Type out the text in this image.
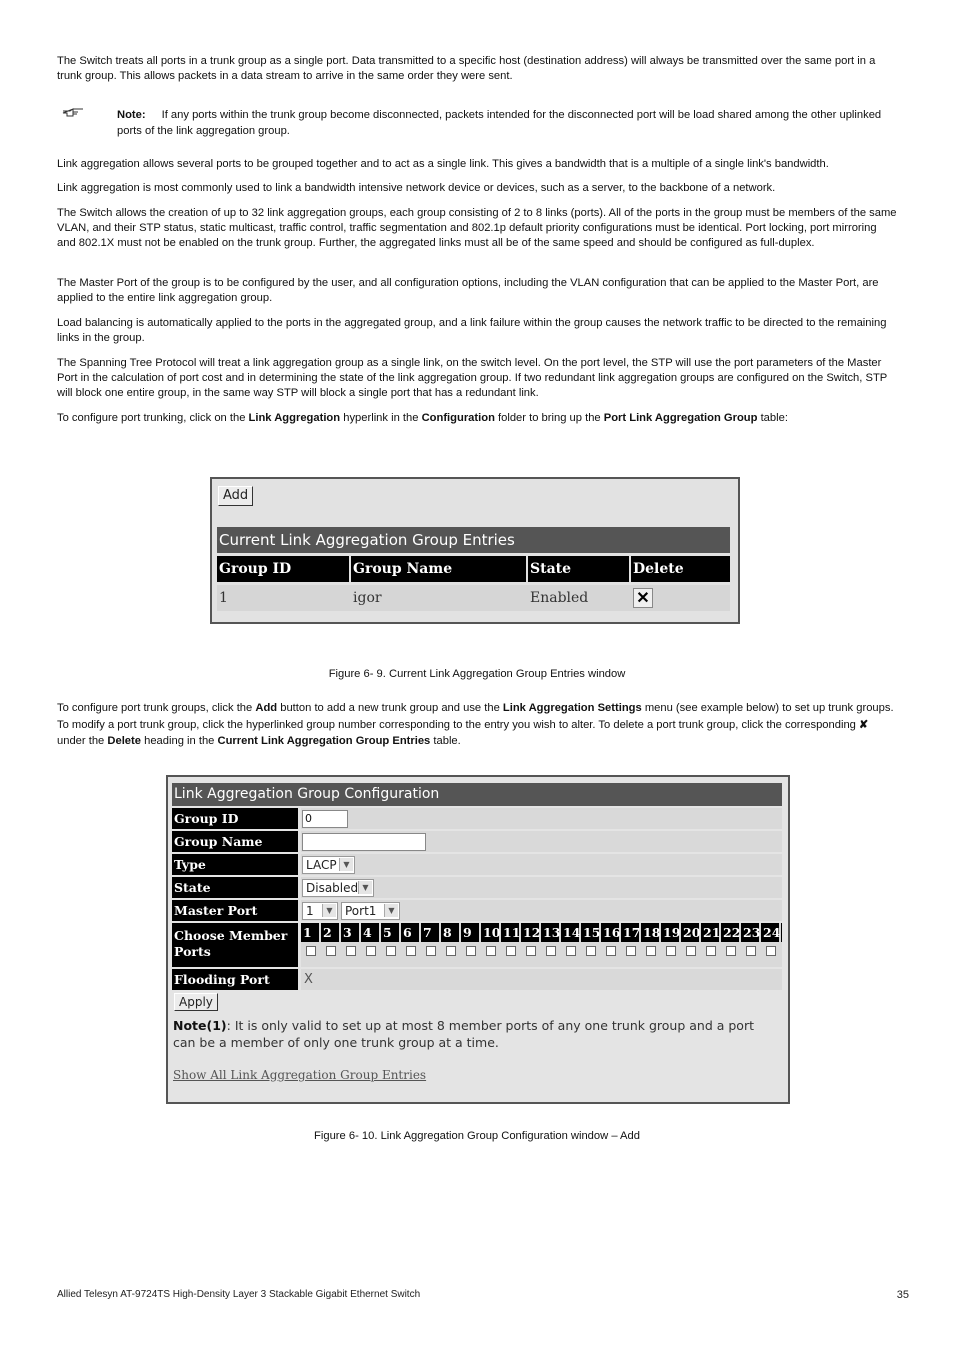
The Switch treats all ports in a trunk group as a single port. Data transmitted to a specific host (destination address) will always be transmitted over the same port in a trunk group. This allows packets in a data stream to arrive in the same order they were sent.

Note: If any ports within the trunk group become disconnected, packets intended for the disconnected port will be load shared among the other uplinked ports of the link aggregation group.

Link aggregation allows several ports to be grouped together and to act as a single link. This gives a bandwidth that is a multiple of a single link's bandwidth.

Link aggregation is most commonly used to link a bandwidth intensive network device or devices, such as a server, to the backbone of a network.

The Switch allows the creation of up to 32 link aggregation groups, each group consisting of 2 to 8 links (ports). All of the ports in the group must be members of the same VLAN, and their STP status, static multicast, traffic control, traffic segmentation and 802.1p default priority configurations must be identical. Port locking, port mirroring and 802.1X must not be enabled on the trunk group. Further, the aggregated links must all be of the same speed and should be configured as full-duplex.

The Master Port of the group is to be configured by the user, and all configuration options, including the VLAN configuration that can be applied to the Master Port, are applied to the entire link aggregation group.

Load balancing is automatically applied to the ports in the aggregated group, and a link failure within the group causes the network traffic to be directed to the remaining links in the group.

The Spanning Tree Protocol will treat a link aggregation group as a single link, on the switch level. On the port level, the STP will use the port parameters of the Master Port in the calculation of port cost and in determining the state of the link aggregation group. If two redundant link aggregation groups are configured on the Switch, STP will block one entire group, in the same way STP will block a single port that has a redundant link.

To configure port trunking, click on the Link Aggregation hyperlink in the Configuration folder to bring up the Port Link Aggregation Group table:

Add
Current Link Aggregation Group Entries
Group ID	Group Name	State	Delete
1	igor	Enabled	✕
Figure 6- 9. Current Link Aggregation Group Entries window

To configure port trunk groups, click the Add button to add a new trunk group and use the Link Aggregation Settings menu (see example below) to set up trunk groups. To modify a port trunk group, click the hyperlinked group number corresponding to the entry you wish to alter. To delete a port trunk group, click the corresponding ✘ under the Delete heading in the Current Link Aggregation Group Entries table.

Link Aggregation Group Configuration
Group ID	0
Group Name
Type	LACP ▼
State	Disabled ▼
Master Port	1	▼	Port1	▼
Choose Member Ports
1 2 3 4 5 6 7 8 9 10 11 12 13 14 15 16 17 18 19 20 21 22 23 24
Flooding Port	X
Apply
Note(1): It is only valid to set up at most 8 member ports of any one trunk group and a port can be a member of only one trunk group at a time.
Show All Link Aggregation Group Entries
Figure 6- 10. Link Aggregation Group Configuration window – Add
Allied Telesyn AT-9724TS High-Density Layer 3 Stackable Gigabit Ethernet Switch	35
